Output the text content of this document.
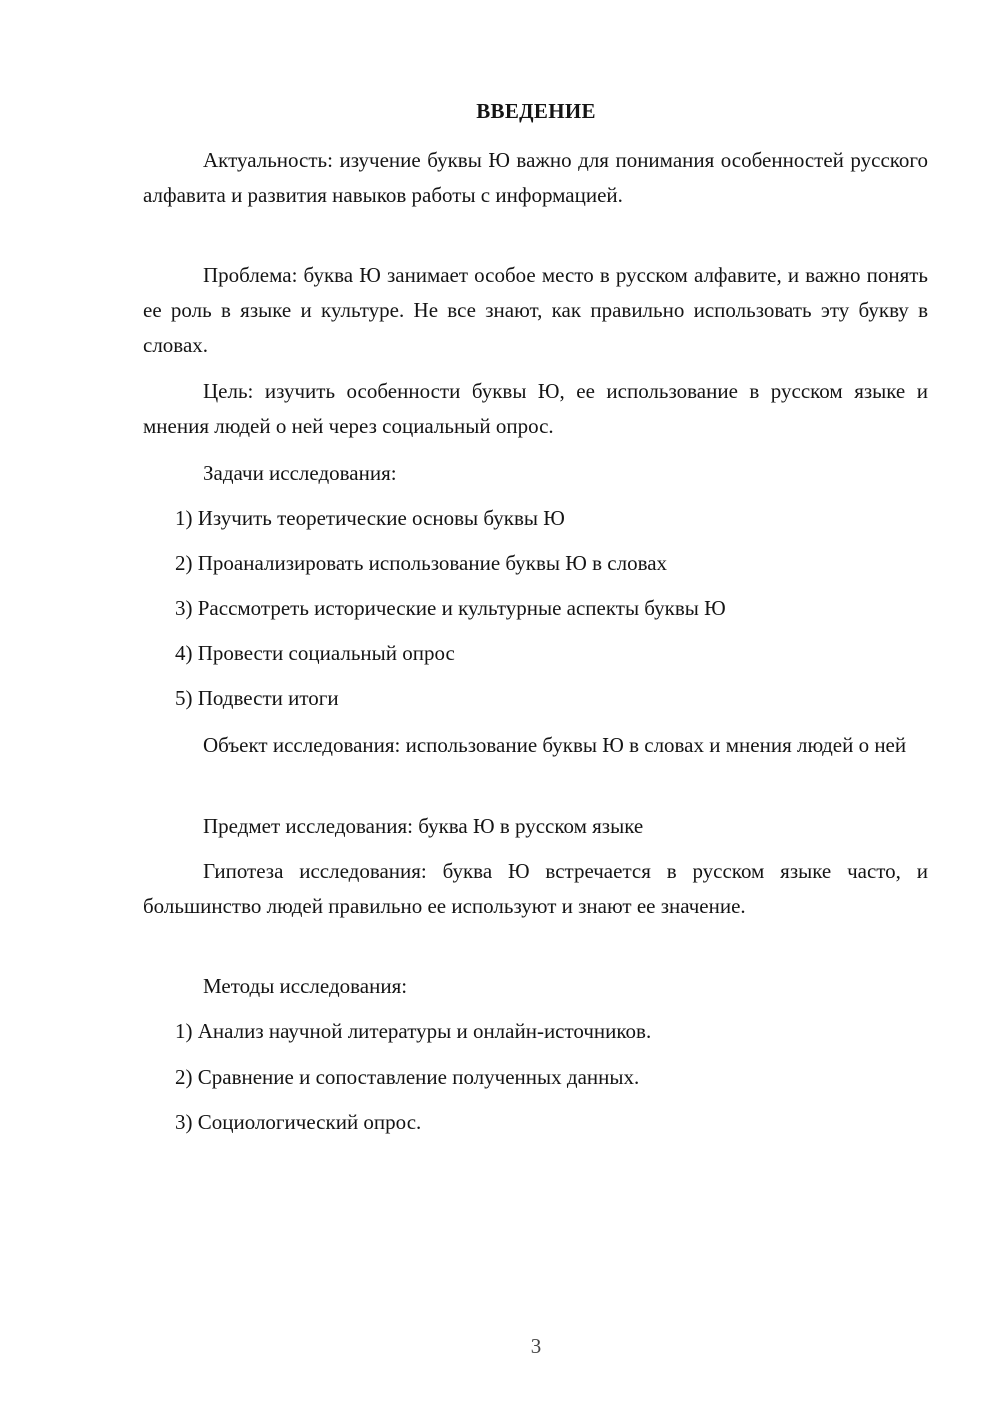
ВВЕДЕНИЕ

Актуальность: изучение буквы Ю важно для понимания особенностей русского алфавита и развития навыков работы с информацией.

Проблема: буква Ю занимает особое место в русском алфавите, и важно понять ее роль в языке и культуре. Не все знают, как правильно использовать эту букву в словах.

Цель: изучить особенности буквы Ю, ее использование в русском языке и мнения людей о ней через социальный опрос.

Задачи исследования:

1) Изучить теоретические основы буквы Ю

2) Проанализировать использование буквы Ю в словах

3) Рассмотреть исторические и культурные аспекты буквы Ю

4) Провести социальный опрос

5) Подвести итоги

Объект исследования: использование буквы Ю в словах и мнения людей о ней

Предмет исследования: буква Ю в русском языке

Гипотеза исследования: буква Ю встречается в русском языке часто, и большинство людей правильно ее используют и знают ее значение.

Методы исследования:

1) Анализ научной литературы и онлайн-источников.

2) Сравнение и сопоставление полученных данных.

3) Социологический опрос.

3
